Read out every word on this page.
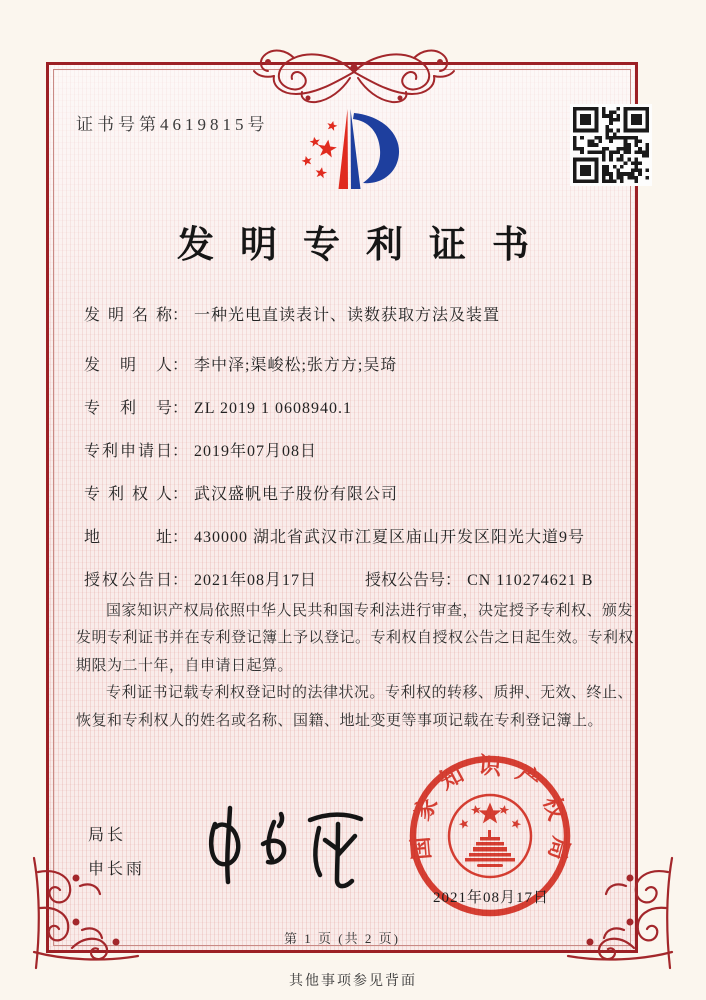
证书号第4619815号
发明专利证书
发明名称： 一种光电直读表计、读数获取方法及装置
发明人： 李中泽;渠峻松;张方方;吴琦
专利号： ZL 2019 1 0608940.1
专利申请日： 2019年07月08日
专利权人： 武汉盛帆电子股份有限公司
地址： 430000 湖北省武汉市江夏区庙山开发区阳光大道9号
授权公告日： 2021年08月17日	授权公告号： CN 110274621 B

国家知识产权局依照中华人民共和国专利法进行审查，决定授予专利权、颁发发明专利证书并在专利登记簿上予以登记。专利权自授权公告之日起生效。专利权期限为二十年，自申请日起算。

专利证书记载专利权登记时的法律状况。专利权的转移、质押、无效、终止、恢复和专利权人的姓名或名称、国籍、地址变更等事项记载在专利登记簿上。

局长
申长雨
国家知识产权局
2021年08月17日
第 1 页 (共 2 页)
其他事项参见背面
